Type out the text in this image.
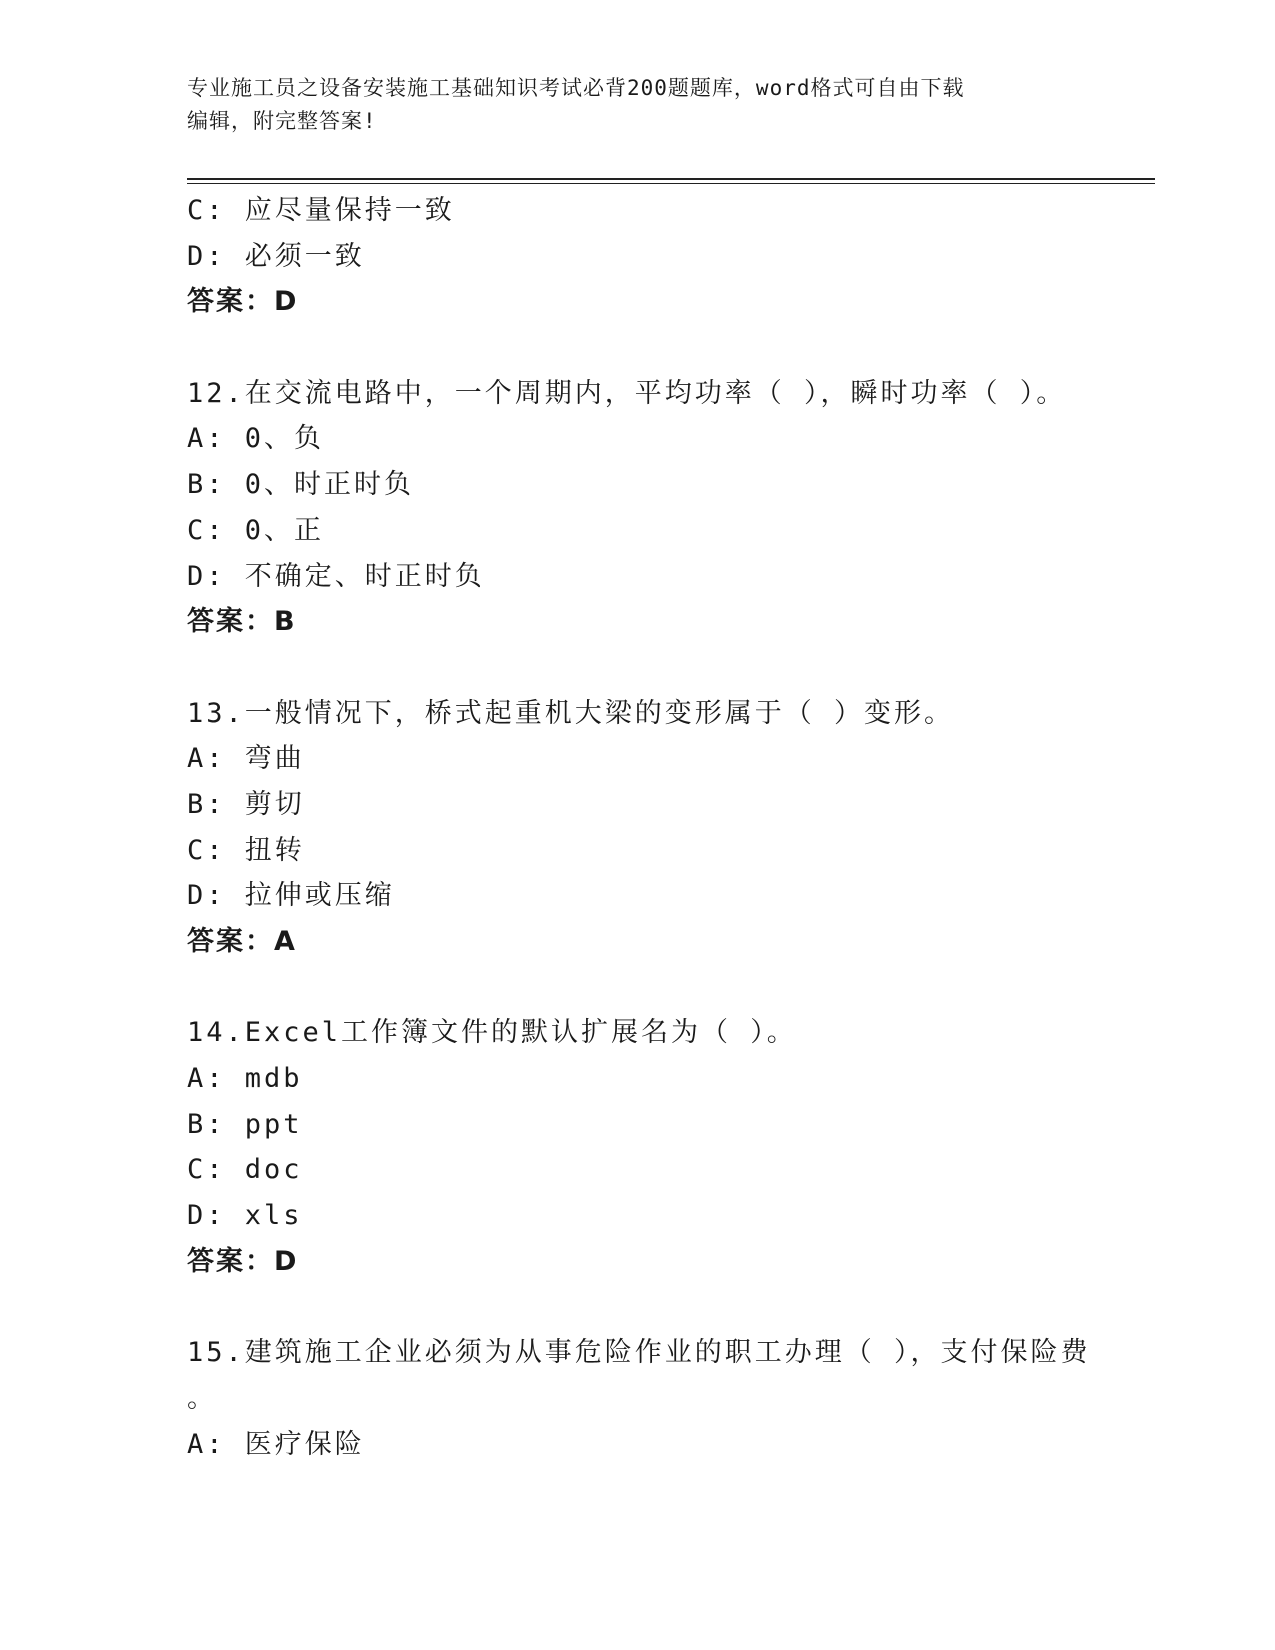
专业施工员之设备安装施工基础知识考试必背200题题库，word格式可自由下载
编辑，附完整答案!
C: 应尽量保持一致
D: 必须一致
答案：D
12.在交流电路中，一个周期内，平均功率（ ），瞬时功率（ ）。
A: 0、负
B: 0、时正时负
C: 0、正
D: 不确定、时正时负
答案：B
13.一般情况下，桥式起重机大梁的变形属于（ ）变形。
A: 弯曲
B: 剪切
C: 扭转
D: 拉伸或压缩
答案：A
14.Excel工作簿文件的默认扩展名为（ ）。
A: mdb
B: ppt
C: doc
D: xls
答案：D
15.建筑施工企业必须为从事危险作业的职工办理（ ），支付保险费
。
A: 医疗保险
